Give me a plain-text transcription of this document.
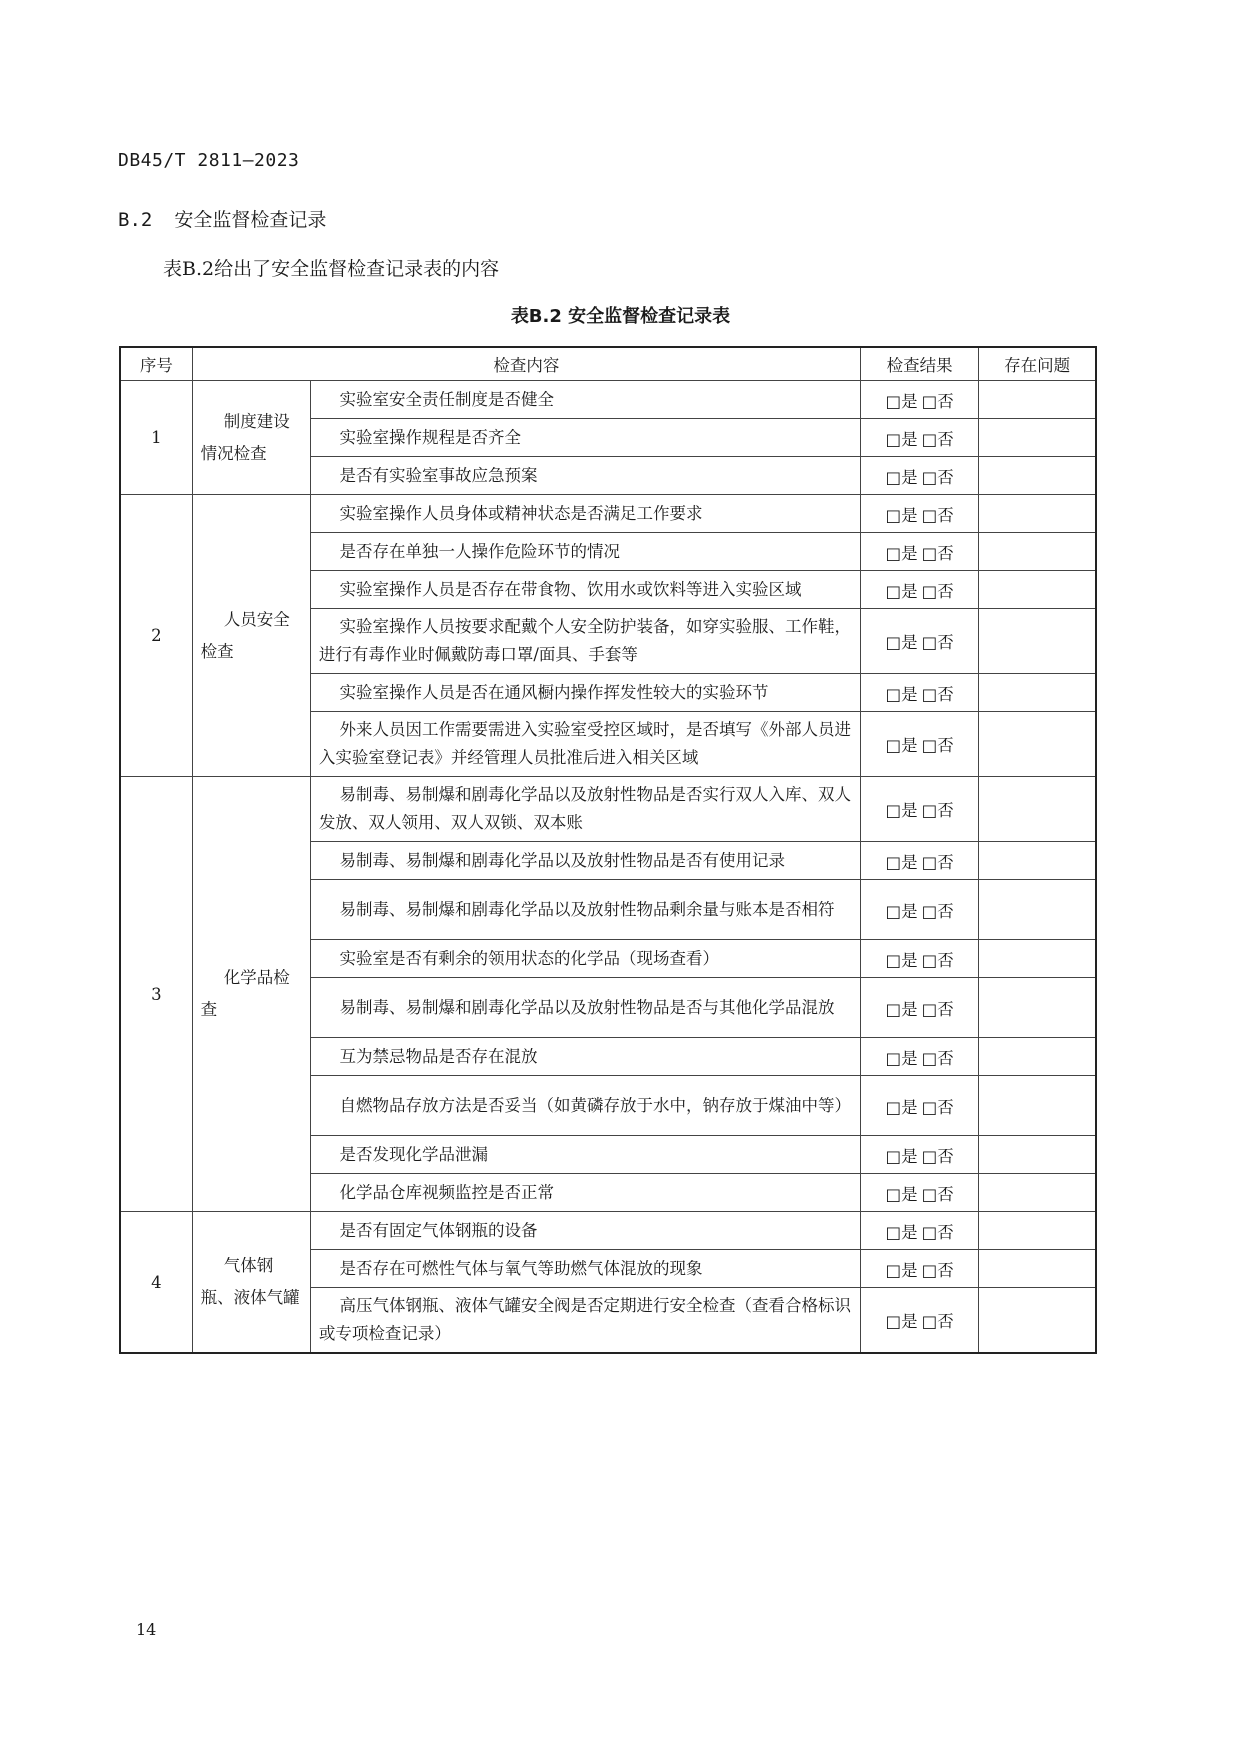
DB45/T 2811—2023
B.2 安全监督检查记录
表B.2给出了安全监督检查记录表的内容
表B.2 安全监督检查记录表
序号	检查内容		检查结果	存在问题
1	制度建设情况检查	实验室安全责任制度是否健全	□是 □否	
		实验室操作规程是否齐全	□是 □否	
		是否有实验室事故应急预案	□是 □否	
2	人员安全检查	实验室操作人员身体或精神状态是否满足工作要求	□是 □否	
		是否存在单独一人操作危险环节的情况	□是 □否	
		实验室操作人员是否存在带食物、饮用水或饮料等进入实验区域	□是 □否	
		实验室操作人员按要求配戴个人安全防护装备，如穿实验服、工作鞋，进行有毒作业时佩戴防毒口罩/面具、手套等	□是 □否	
		实验室操作人员是否在通风橱内操作挥发性较大的实验环节	□是 □否	
		外来人员因工作需要需进入实验室受控区域时，是否填写《外部人员进入实验室登记表》并经管理人员批准后进入相关区域	□是 □否	
3	化学品检查	易制毒、易制爆和剧毒化学品以及放射性物品是否实行双人入库、双人发放、双人领用、双人双锁、双本账	□是 □否	
		易制毒、易制爆和剧毒化学品以及放射性物品是否有使用记录	□是 □否	
		易制毒、易制爆和剧毒化学品以及放射性物品剩余量与账本是否相符	□是 □否	
		实验室是否有剩余的领用状态的化学品（现场查看）	□是 □否	
		易制毒、易制爆和剧毒化学品以及放射性物品是否与其他化学品混放	□是 □否	
		互为禁忌物品是否存在混放	□是 □否	
		自燃物品存放方法是否妥当（如黄磷存放于水中，钠存放于煤油中等）	□是 □否	
		是否发现化学品泄漏	□是 □否	
		化学品仓库视频监控是否正常	□是 □否	
4	气体钢瓶、液体气罐	是否有固定气体钢瓶的设备	□是 □否	
		是否存在可燃性气体与氧气等助燃气体混放的现象	□是 □否	
		高压气体钢瓶、液体气罐安全阀是否定期进行安全检查（查看合格标识或专项检查记录）	□是 □否	
14
